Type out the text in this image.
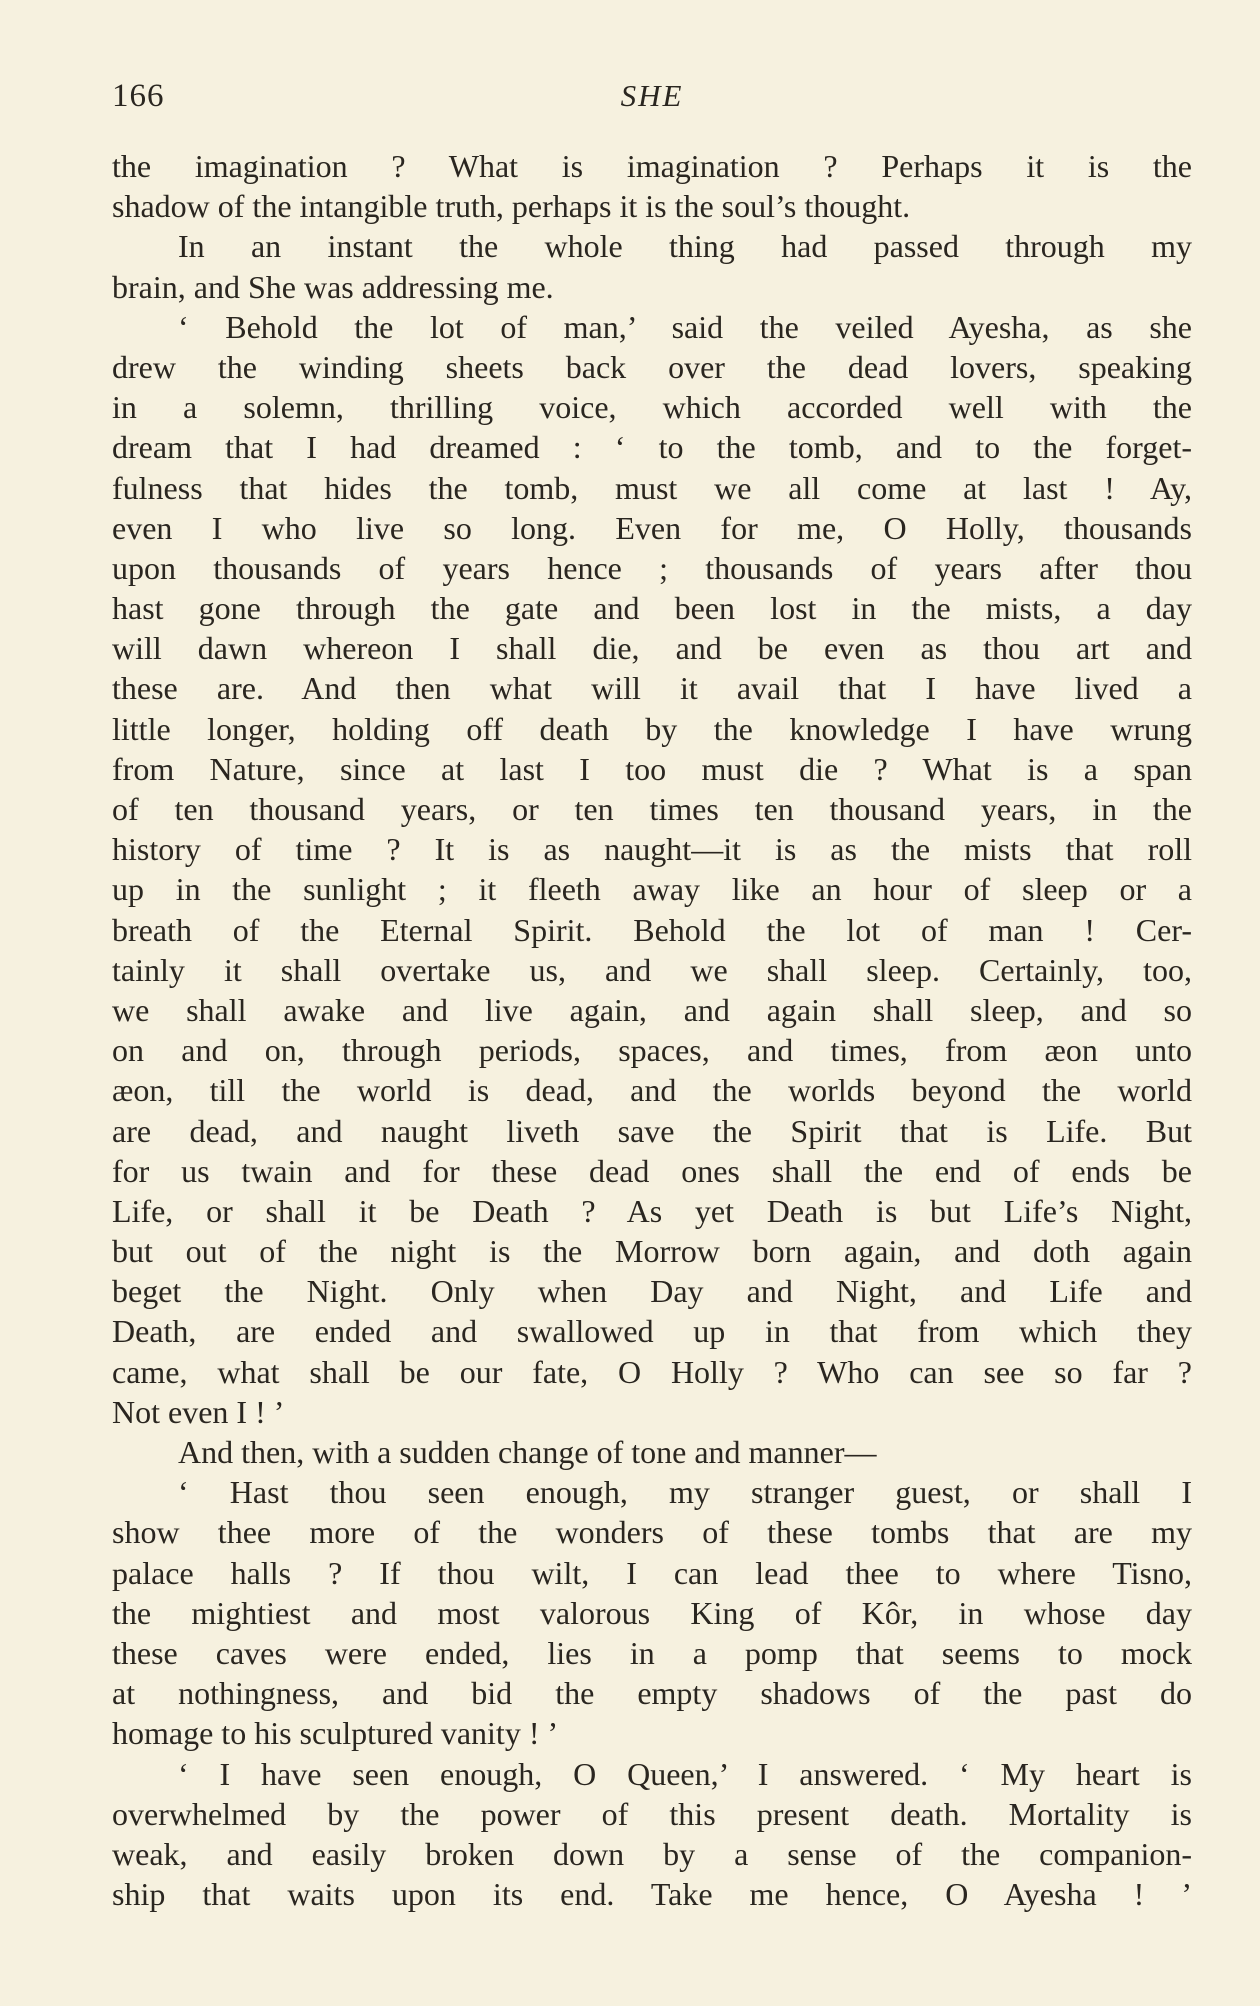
166	SHE
the imagination ? What is imagination ? Perhaps it is the
shadow of the intangible truth, perhaps it is the soul’s thought.
In an instant the whole thing had passed through my
brain, and She was addressing me.
‘ Behold the lot of man,’ said the veiled Ayesha, as she
drew the winding sheets back over the dead lovers, speaking
in a solemn, thrilling voice, which accorded well with the
dream that I had dreamed : ‘ to the tomb, and to the forget-
fulness that hides the tomb, must we all come at last ! Ay,
even I who live so long. Even for me, O Holly, thousands
upon thousands of years hence ; thousands of years after thou
hast gone through the gate and been lost in the mists, a day
will dawn whereon I shall die, and be even as thou art and
these are. And then what will it avail that I have lived a
little longer, holding off death by the knowledge I have wrung
from Nature, since at last I too must die ? What is a span
of ten thousand years, or ten times ten thousand years, in the
history of time ? It is as naught—it is as the mists that roll
up in the sunlight ; it fleeth away like an hour of sleep or a
breath of the Eternal Spirit. Behold the lot of man ! Cer-
tainly it shall overtake us, and we shall sleep. Certainly, too,
we shall awake and live again, and again shall sleep, and so
on and on, through periods, spaces, and times, from æon unto
æon, till the world is dead, and the worlds beyond the world
are dead, and naught liveth save the Spirit that is Life. But
for us twain and for these dead ones shall the end of ends be
Life, or shall it be Death ? As yet Death is but Life’s Night,
but out of the night is the Morrow born again, and doth again
beget the Night. Only when Day and Night, and Life and
Death, are ended and swallowed up in that from which they
came, what shall be our fate, O Holly ? Who can see so far ?
Not even I ! ’
And then, with a sudden change of tone and manner—
‘ Hast thou seen enough, my stranger guest, or shall I
show thee more of the wonders of these tombs that are my
palace halls ? If thou wilt, I can lead thee to where Tisno,
the mightiest and most valorous King of Kôr, in whose day
these caves were ended, lies in a pomp that seems to mock
at nothingness, and bid the empty shadows of the past do
homage to his sculptured vanity ! ’
‘ I have seen enough, O Queen,’ I answered. ‘ My heart is
overwhelmed by the power of this present death. Mortality is
weak, and easily broken down by a sense of the companion-
ship that waits upon its end. Take me hence, O Ayesha ! ’
